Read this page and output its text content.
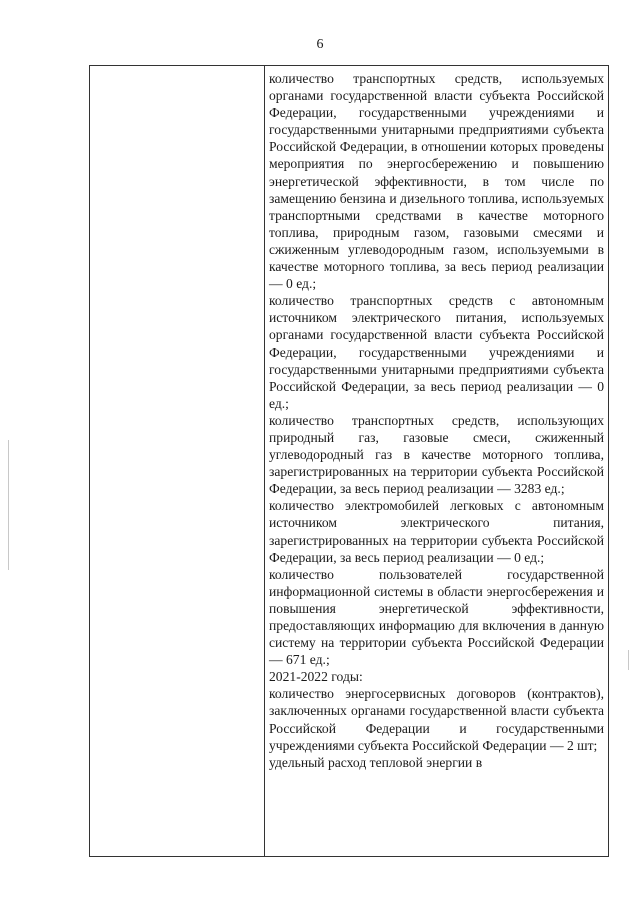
6

количество транспортных средств, используемых органами государственной власти субъекта Российской Федерации, государственными учреждениями и государственными унитарными предприятиями субъекта Российской Федерации, в отношении которых проведены мероприятия по энергосбережению и повышению энергетической эффективности, в том числе по замещению бензина и дизельного топлива, используемых транспортными средствами в качестве моторного топлива, природным газом, газовыми смесями и сжиженным углеводородным газом, используемыми в качестве моторного топлива, за весь период реализации — 0 ед.;

количество транспортных средств с автономным источником электрического питания, используемых органами государственной власти субъекта Российской Федерации, государственными учреждениями и государственными унитарными предприятиями субъекта Российской Федерации, за весь период реализации — 0 ед.;

количество транспортных средств, использующих природный газ, газовые смеси, сжиженный углеводородный газ в качестве моторного топлива, зарегистрированных на территории субъекта Российской Федерации, за весь период реализации — 3283 ед.;

количество электромобилей легковых с автономным источником электрического питания, зарегистрированных на территории субъекта Российской Федерации, за весь период реализации — 0 ед.;

количество пользователей государственной информационной системы в области энергосбережения и повышения энергетической эффективности, предоставляющих информацию для включения в данную систему на территории субъекта Российской Федерации — 671 ед.;

2021-2022 годы:

количество энергосервисных договоров (контрактов), заключенных органами государственной власти субъекта Российской Федерации и государственными учреждениями субъекта Российской Федерации — 2 шт;

удельный расход тепловой энергии в
